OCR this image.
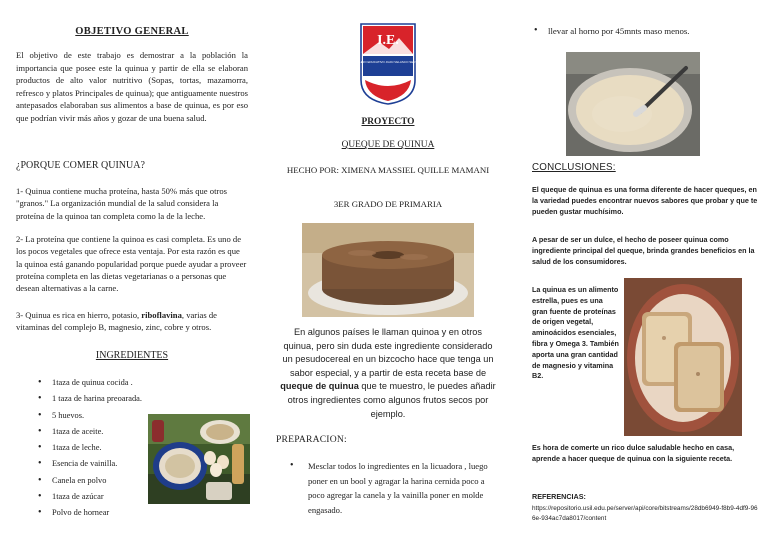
OBJETIVO GENERAL

El objetivo de este trabajo es demostrar a la población la importancia que posee este la quinua y partir de ella se elaboran productos de alto valor nutritivo (Sopas, tortas, mazamorra, refresco y platos Principales de quinua); que antiguamente nuestros antepasados elaboraban sus alimentos a base de quinua, es por eso que podrían vivir más años y gozar de una buena salud.

¿PORQUE COMER QUINUA?

1- Quinua contiene mucha proteína, hasta 50% más que otros "granos." La organización mundial de la salud considera la proteína de la quinoa tan completa como la de la leche.

2- La proteína que contiene la quinoa es casi completa. Es uno de los pocos vegetales que ofrece esta ventaja. Por esta razón es que la quinoa está ganando popularidad porque puede ayudar a proveer proteína completa en las dietas vegetarianas o a personas que desean alternativas a la carne.

3- Quinua es rica en hierro, potasio, riboflavina, varias de vitaminas del complejo B, magnesio, zinc, cobre y otros.

INGREDIENTES
• 1taza de quinua cocida .
• 1 taza de harina preoarada.
• 5 huevos.
• 1taza de aceite.
• 1taza de leche.
• Esencia de vainilla.
• Canela en polvo
• 1taza de azúcar
• Polvo de hornear
I.E.
COMPLEJO EDUCATIVO JUAN VELASCO SECTOR 12
PROYECTO
QUEQUE DE QUINUA
HECHO POR: XIMENA MASSIEL QUILLE MAMANI
3ER GRADO DE PRIMARIA

En algunos países le llaman quinoa y en otros quinua, pero sin duda este ingrediente considerado un pesudocereal en un bizcocho hace que tenga un sabor especial, y a partir de esta receta base de queque de quinua que te muestro, le puedes añadir otros ingredientes como algunos frutos secos por ejemplo.

PREPARACION:
• Mesclar todos lo ingredientes en la licuadora , luego poner en un bool y agragar la harina cernida poco a poco agregar la canela y la vainilla poner en molde engasado.
• llevar al horno por 45mnts maso menos.
CONCLUSIONES:

El queque de quinua es una forma diferente de hacer queques, en la variedad puedes encontrar nuevos sabores que probar y que te pueden gustar muchísimo.

A pesar de ser un dulce, el hecho de poseer quinua como ingrediente principal del queque, brinda grandes beneficios en la salud de los consumidores.

La quinua es un alimento estrella, pues es una gran fuente de proteínas de origen vegetal, aminoácidos esenciales, fibra y Omega 3. También aporta una gran cantidad de magnesio y vitamina B2.

Es hora de comerte un rico dulce saludable hecho en casa, aprende a hacer queque de quinua con la siguiente receta.

REFERENCIAS:
https://repositorio.usil.edu.pe/server/api/core/bitstreams/28db6949-f8b9-4df9-966e-934ac7da8017/content
